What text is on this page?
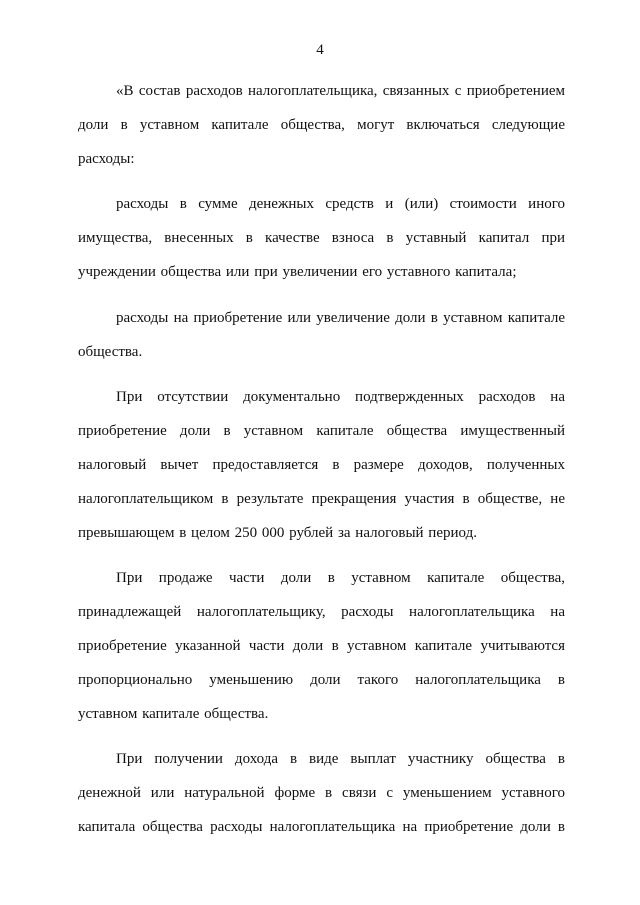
4

«В состав расходов налогоплательщика, связанных с приобретением доли в уставном капитале общества, могут включаться следующие расходы:

расходы в сумме денежных средств и (или) стоимости иного имущества, внесенных в качестве взноса в уставный капитал при учреждении общества или при увеличении его уставного капитала;

расходы на приобретение или увеличение доли в уставном капитале общества.

При отсутствии документально подтвержденных расходов на приобретение доли в уставном капитале общества имущественный налоговый вычет предоставляется в размере доходов, полученных налогоплательщиком в результате прекращения участия в обществе, не превышающем в целом 250 000 рублей за налоговый период.

При продаже части доли в уставном капитале общества, принадлежащей налогоплательщику, расходы налогоплательщика на приобретение указанной части доли в уставном капитале учитываются пропорционально уменьшению доли такого налогоплательщика в уставном капитале общества.

При получении дохода в виде выплат участнику общества в денежной или натуральной форме в связи с уменьшением уставного капитала общества расходы налогоплательщика на приобретение доли в
